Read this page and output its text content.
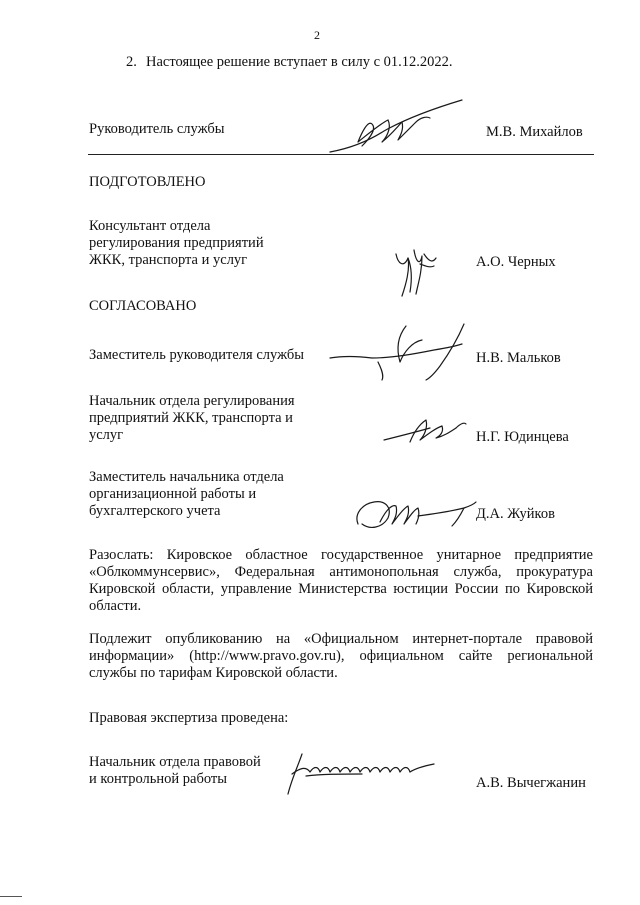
2
2. Настоящее решение вступает в силу с 01.12.2022.
Руководитель службы	М.В. Михайлов
ПОДГОТОВЛЕНО
Консультант отдела
регулирования предприятий
ЖКК, транспорта и услуг	А.О. Черных
СОГЛАСОВАНО
Заместитель руководителя службы	Н.В. Мальков
Начальник отдела регулирования
предприятий ЖКК, транспорта и
услуг	Н.Г. Юдинцева
Заместитель начальника отдела
организационной работы и
бухгалтерского учета	Д.А. Жуйков
Разослать: Кировское областное государственное унитарное предприятие «Облкоммунсервис», Федеральная антимонопольная служба, прокуратура Кировской области, управление Министерства юстиции России по Кировской области.
Подлежит опубликованию на «Официальном интернет-портале правовой информации» (http://www.pravo.gov.ru), официальном сайте региональной службы по тарифам Кировской области.
Правовая экспертиза проведена:
Начальник отдела правовой
и контрольной работы	А.В. Вычегжанин
